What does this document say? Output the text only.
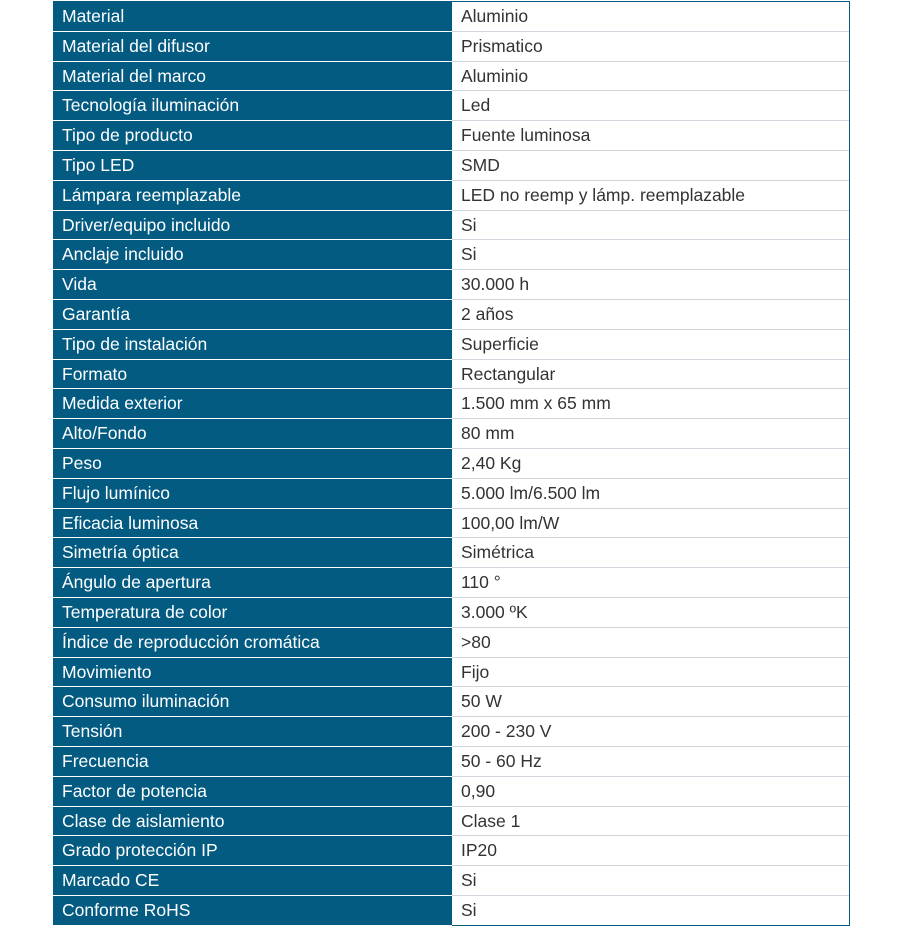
Material	Aluminio
Material del difusor	Prismatico
Material del marco	Aluminio
Tecnología iluminación	Led
Tipo de producto	Fuente luminosa
Tipo LED	SMD
Lámpara reemplazable	LED no reemp y lámp. reemplazable
Driver/equipo incluido	Si
Anclaje incluido	Si
Vida	30.000 h
Garantía	2 años
Tipo de instalación	Superficie
Formato	Rectangular
Medida exterior	1.500 mm x 65 mm
Alto/Fondo	80 mm
Peso	2,40 Kg
Flujo lumínico	5.000 lm/6.500 lm
Eficacia luminosa	100,00 lm/W
Simetría óptica	Simétrica
Ángulo de apertura	110 °
Temperatura de color	3.000 ºK
Índice de reproducción cromática	>80
Movimiento	Fijo
Consumo iluminación	50 W
Tensión	200 - 230 V
Frecuencia	50 - 60 Hz
Factor de potencia	0,90
Clase de aislamiento	Clase 1
Grado protección IP	IP20
Marcado CE	Si
Conforme RoHS	Si
